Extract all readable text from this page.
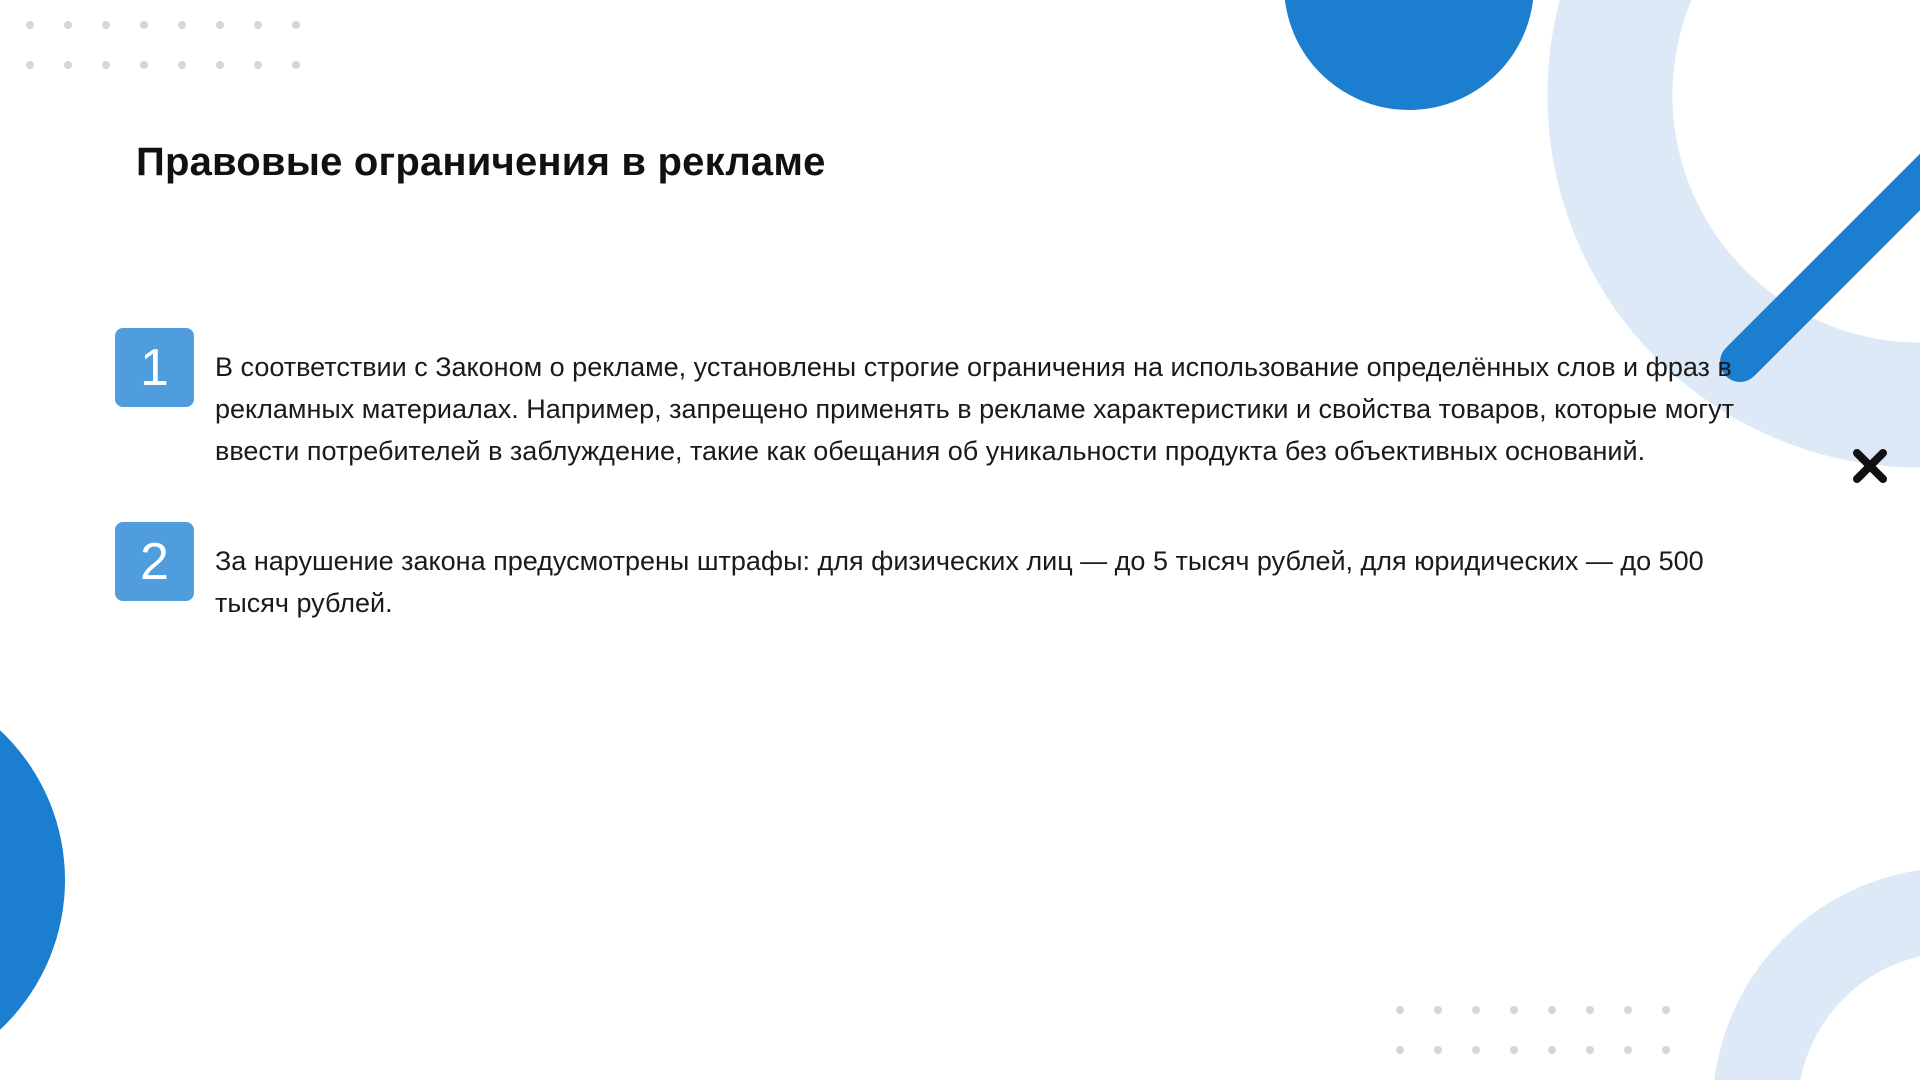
Правовые ограничения в рекламе
1	В соответствии с Законом о рекламе, установлены строгие ограничения на использование определённых слов и фраз в рекламных материалах. Например, запрещено применять в рекламе характеристики и свойства товаров, которые могут ввести потребителей в заблуждение, такие как обещания об уникальности продукта без объективных оснований.
2	За нарушение закона предусмотрены штрафы: для физических лиц — до 5 тысяч рублей, для юридических — до 500 тысяч рублей.
